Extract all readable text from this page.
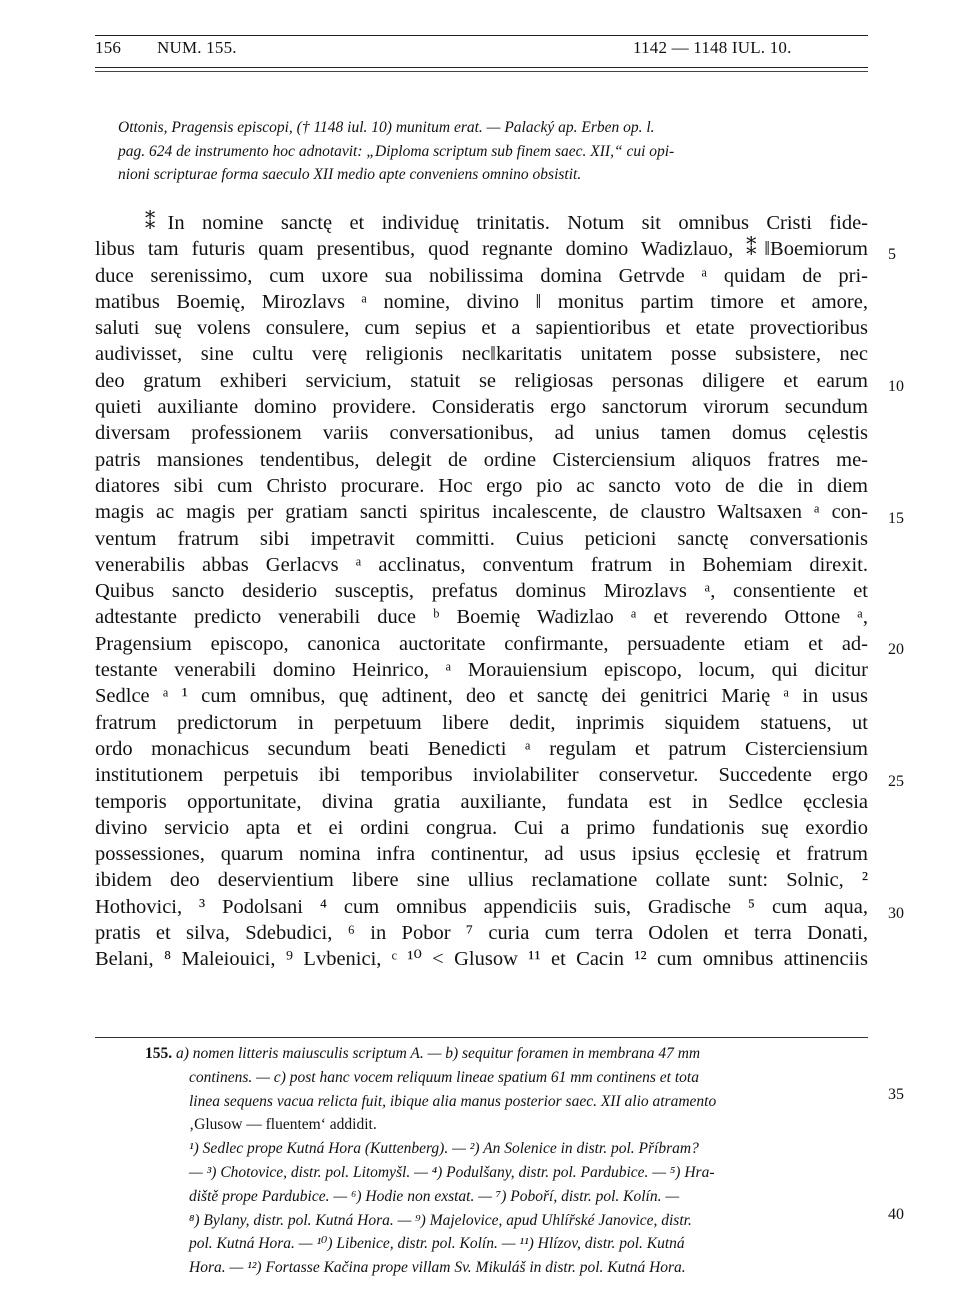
156 NUM. 155.	1142 — 1148 IUL. 10.

Ottonis, Pragensis episcopi, († 1148 iul. 10) munitum erat. — Palacký ap. Erben op. l.

pag. 624 de instrumento hoc adnotavit: „Diploma scriptum sub finem saec. XII,“ cui opi-

nioni scripturae forma saeculo XII medio apte conveniens omnino obsistit.

⁑In nomine sanctę et individuę trinitatis. Notum sit omnibus Cristi fide-

libus tam futuris quam presentibus, quod regnante domino Wadizlauo, ⁑‖Boemiorum

duce serenissimo, cum uxore sua nobilissima domina Getrvde ᵃ quidam de pri-

matibus Boemię, Mirozlavs ᵃ nomine, divino ‖ monitus partim timore et amore,

saluti suę volens consulere, cum sepius et a sapientioribus et etate provectioribus

audivisset, sine cultu verę religionis nec‖karitatis unitatem posse subsistere, nec

deo gratum exhiberi servicium, statuit se religiosas personas diligere et earum

quieti auxiliante domino providere. Consideratis ergo sanctorum virorum secundum

diversam professionem variis conversationibus, ad unius tamen domus cęlestis

patris mansiones tendentibus, delegit de ordine Cisterciensium aliquos fratres me-

diatores sibi cum Christo procurare. Hoc ergo pio ac sancto voto de die in diem

magis ac magis per gratiam sancti spiritus incalescente, de claustro Waltsaxen ᵃ con-

ventum fratrum sibi impetravit committi. Cuius peticioni sanctę conversationis

venerabilis abbas Gerlacvs ᵃ acclinatus, conventum fratrum in Bohemiam direxit.

Quibus sancto desiderio susceptis, prefatus dominus Mirozlavs ᵃ, consentiente et

adtestante predicto venerabili duce ᵇ Boemię Wadizlao ᵃ et reverendo Ottone ᵃ,

Pragensium episcopo, canonica auctoritate confirmante, persuadente etiam et ad-

testante venerabili domino Heinrico, ᵃ Morauiensium episcopo, locum, qui dicitur

Sedlce ᵃ ¹ cum omnibus, quę adtinent, deo et sanctę dei genitrici Marię ᵃ in usus

fratrum predictorum in perpetuum libere dedit, inprimis siquidem statuens, ut

ordo monachicus secundum beati Benedicti ᵃ regulam et patrum Cisterciensium

institutionem perpetuis ibi temporibus inviolabiliter conservetur. Succedente ergo

temporis opportunitate, divina gratia auxiliante, fundata est in Sedlce ęcclesia

divino servicio apta et ei ordini congrua. Cui a primo fundationis suę exordio

possessiones, quarum nomina infra continentur, ad usus ipsius ęcclesię et fratrum

ibidem deo deservientium libere sine ullius reclamatione collate sunt: Solnic, ²

Hothovici, ³ Podolsani ⁴ cum omnibus appendiciis suis, Gradische ⁵ cum aqua,

pratis et silva, Sdebudici, ⁶ in Pobor ⁷ curia cum terra Odolen et terra Donati,

Belani, ⁸ Maleiouici, ⁹ Lvbenici, ᶜ ¹⁰ < Glusow ¹¹ et Cacin ¹² cum omnibus attinenciis

5
10
15
20
25
30
35
40

155. a) nomen litteris maiusculis scriptum A. — b) sequitur foramen in membrana 47 mm

continens. — c) post hanc vocem reliquum lineae spatium 61 mm continens et tota

linea sequens vacua relicta fuit, ibique alia manus posterior saec. XII alio atramento

‚Glusow — fluentem‘ addidit.

¹) Sedlec prope Kutná Hora (Kuttenberg). — ²) An Solenice in distr. pol. Příbram?

— ³) Chotovice, distr. pol. Litomyšl. — ⁴) Podulšany, distr. pol. Pardubice. — ⁵) Hra-

diště prope Pardubice. — ⁶) Hodie non exstat. — ⁷) Poboří, distr. pol. Kolín. —

⁸) Bylany, distr. pol. Kutná Hora. — ⁹) Majelovice, apud Uhlířské Janovice, distr.

pol. Kutná Hora. — ¹⁰) Libenice, distr. pol. Kolín. — ¹¹) Hlízov, distr. pol. Kutná

Hora. — ¹²) Fortasse Kačina prope villam Sv. Mikuláš in distr. pol. Kutná Hora.
